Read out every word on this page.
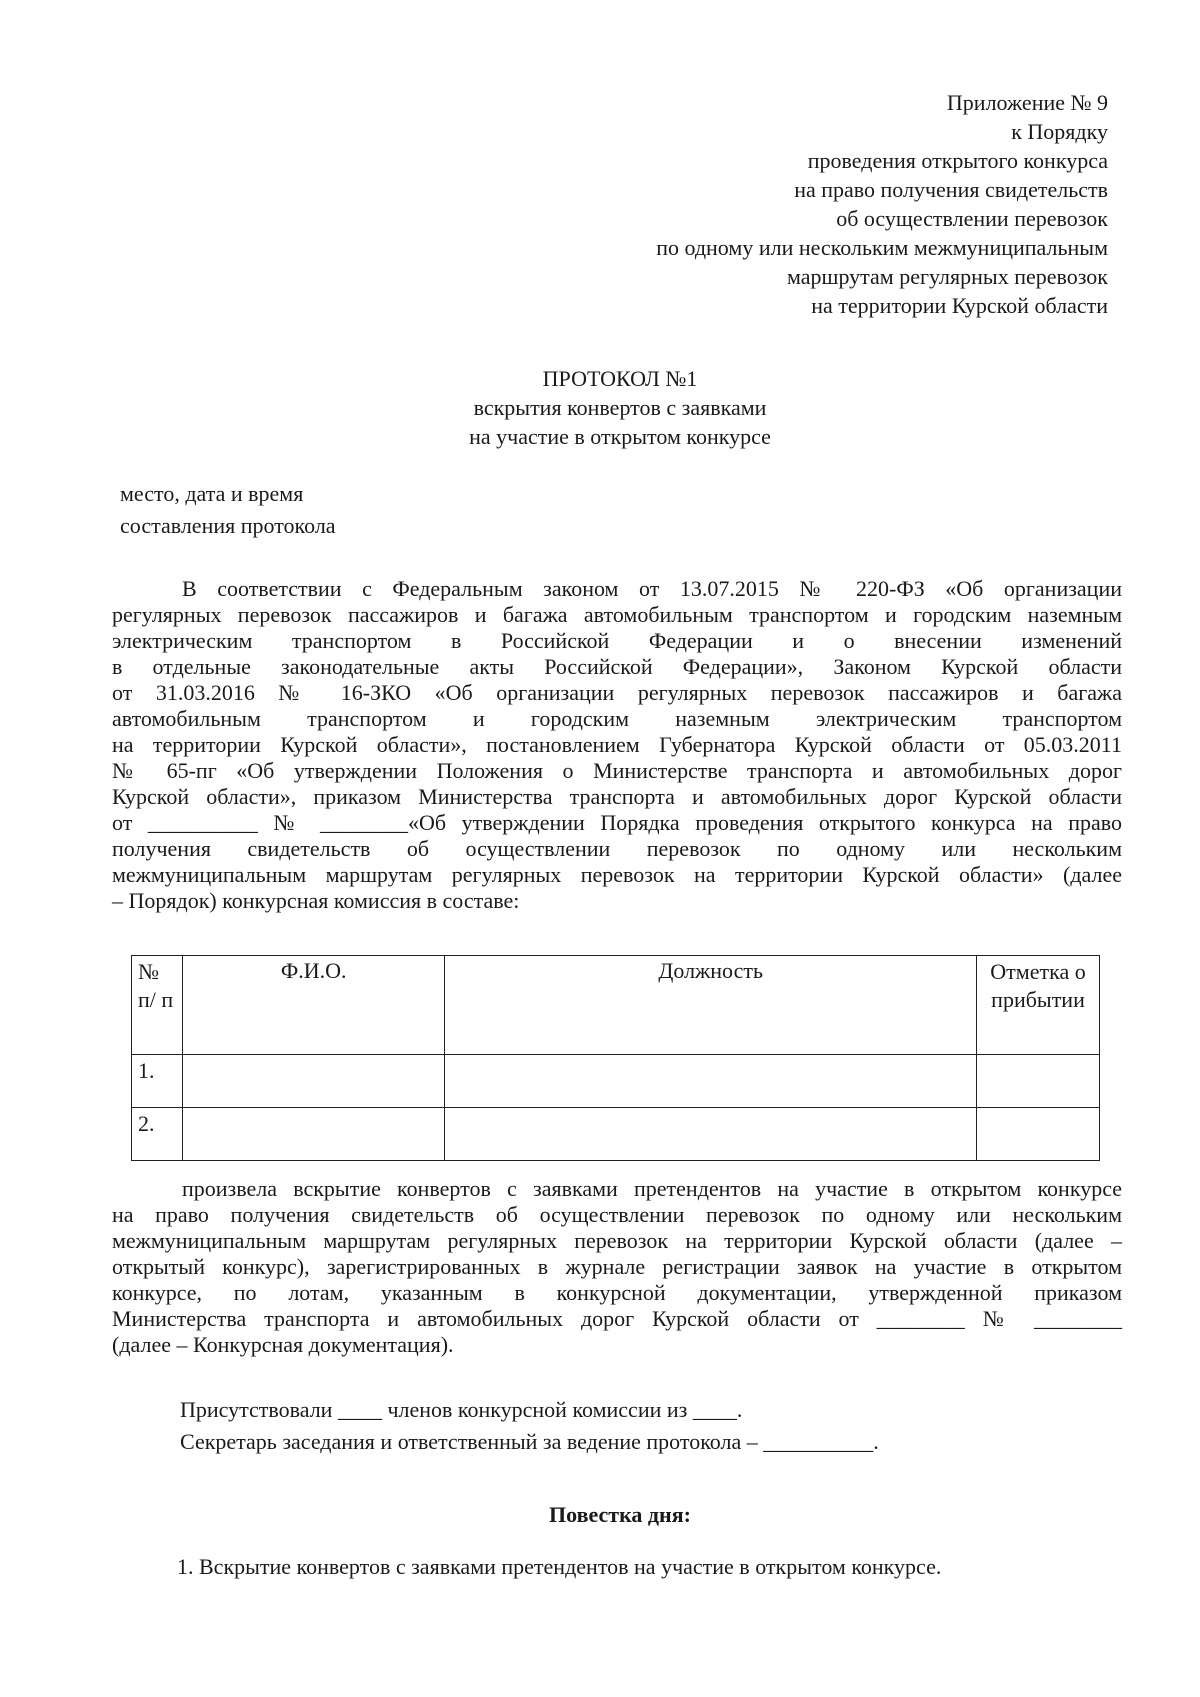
Приложение № 9
к Порядку
проведения открытого конкурса
на право получения свидетельств
об осуществлении перевозок
по одному или нескольким межмуниципальным
маршрутам регулярных перевозок
на территории Курской области
ПРОТОКОЛ №1
вскрытия конвертов с заявками
на участие в открытом конкурсе
место, дата и время
составления протокола
В соответствии с Федеральным законом от 13.07.2015 № 220-ФЗ «Об организации
регулярных перевозок пассажиров и багажа автомобильным транспортом и городским наземным
электрическим транспортом в Российской Федерации и о внесении изменений
в отдельные законодательные акты Российской Федерации», Законом Курской области
от 31.03.2016 № 16-ЗКО «Об организации регулярных перевозок пассажиров и багажа
автомобильным транспортом и городским наземным электрическим транспортом
на территории Курской области», постановлением Губернатора Курской области от 05.03.2011
№ 65-пг «Об утверждении Положения о Министерстве транспорта и автомобильных дорог
Курской области», приказом Министерства транспорта и автомобильных дорог Курской области
от __________ № ________«Об утверждении Порядка проведения открытого конкурса на право
получения свидетельств об осуществлении перевозок по одному или нескольким
межмуниципальным маршрутам регулярных перевозок на территории Курской области» (далее
– Порядок) конкурсная комиссия в составе:
№ п/ п	Ф.И.О.	Должность	Отметка о прибытии
1.			
2.			
произвела вскрытие конвертов с заявками претендентов на участие в открытом конкурсе
на право получения свидетельств об осуществлении перевозок по одному или нескольким
межмуниципальным маршрутам регулярных перевозок на территории Курской области (далее –
открытый конкурс), зарегистрированных в журнале регистрации заявок на участие в открытом
конкурсе, по лотам, указанным в конкурсной документации, утвержденной приказом
Министерства транспорта и автомобильных дорог Курской области от ________ № ________
(далее – Конкурсная документация).
Присутствовали ____ членов конкурсной комиссии из ____.
Секретарь заседания и ответственный за ведение протокола – __________.
Повестка дня:
1. Вскрытие конвертов с заявками претендентов на участие в открытом конкурсе.
